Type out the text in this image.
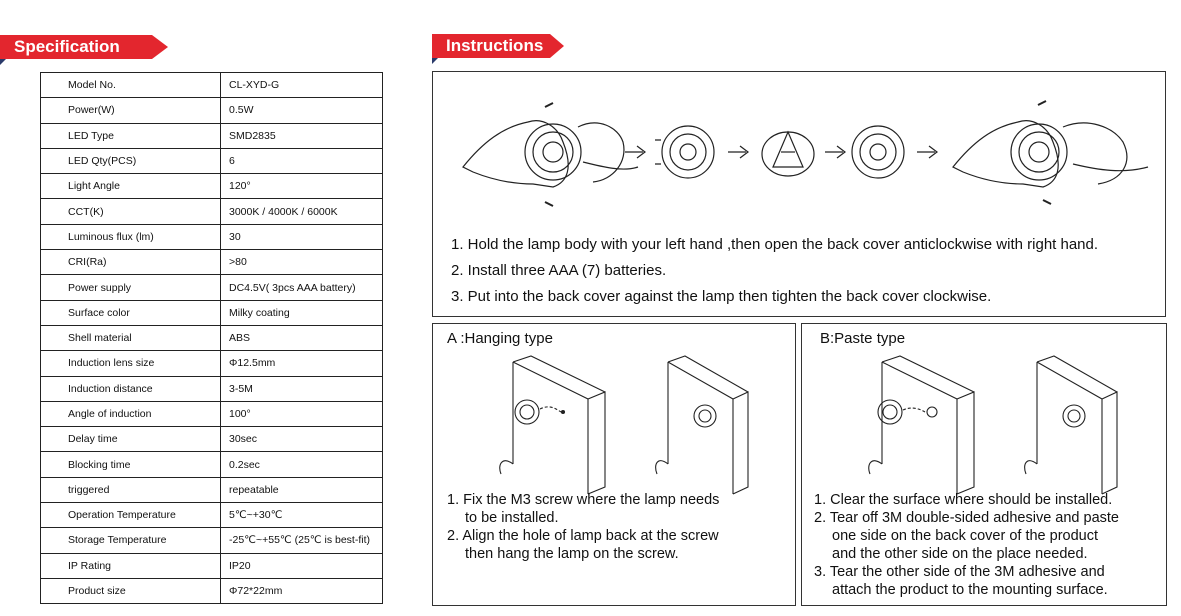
Specification	Instructions
Model No.	CL-XYD-G
Power(W)	0.5W
LED Type	SMD2835
LED Qty(PCS)	6
Light Angle	120°
CCT(K)	3000K / 4000K / 6000K
Luminous flux (lm)	30
CRI(Ra)	>80
Power supply	DC4.5V( 3pcs AAA battery)
Surface color	Milky coating
Shell material	ABS
Induction lens size	Φ12.5mm
Induction distance	3-5M
Angle of induction	100°
Delay time	30sec
Blocking time	0.2sec
triggered	repeatable
Operation Temperature	5℃~+30℃
Storage Temperature	-25℃~+55℃ (25℃ is best-fit)
IP Rating	IP20
Product size	Φ72*22mm
1. Hold the lamp body with your left hand ,then open the back cover anticlockwise with right hand.
2. Install three AAA (7) batteries.
3. Put into the back cover against the lamp then tighten the back cover clockwise.
A :Hanging type
1. Fix the M3 screw where the lamp needs
to be installed.
2. Align the hole of lamp back at the screw
then hang the lamp on the screw.
B:Paste type
1. Clear the surface where should be installed.
2. Tear off 3M double-sided adhesive and paste
one side on the back cover of the product
and the other side on the place needed.
3. Tear the other side of the 3M adhesive and
attach the product to the mounting surface.
